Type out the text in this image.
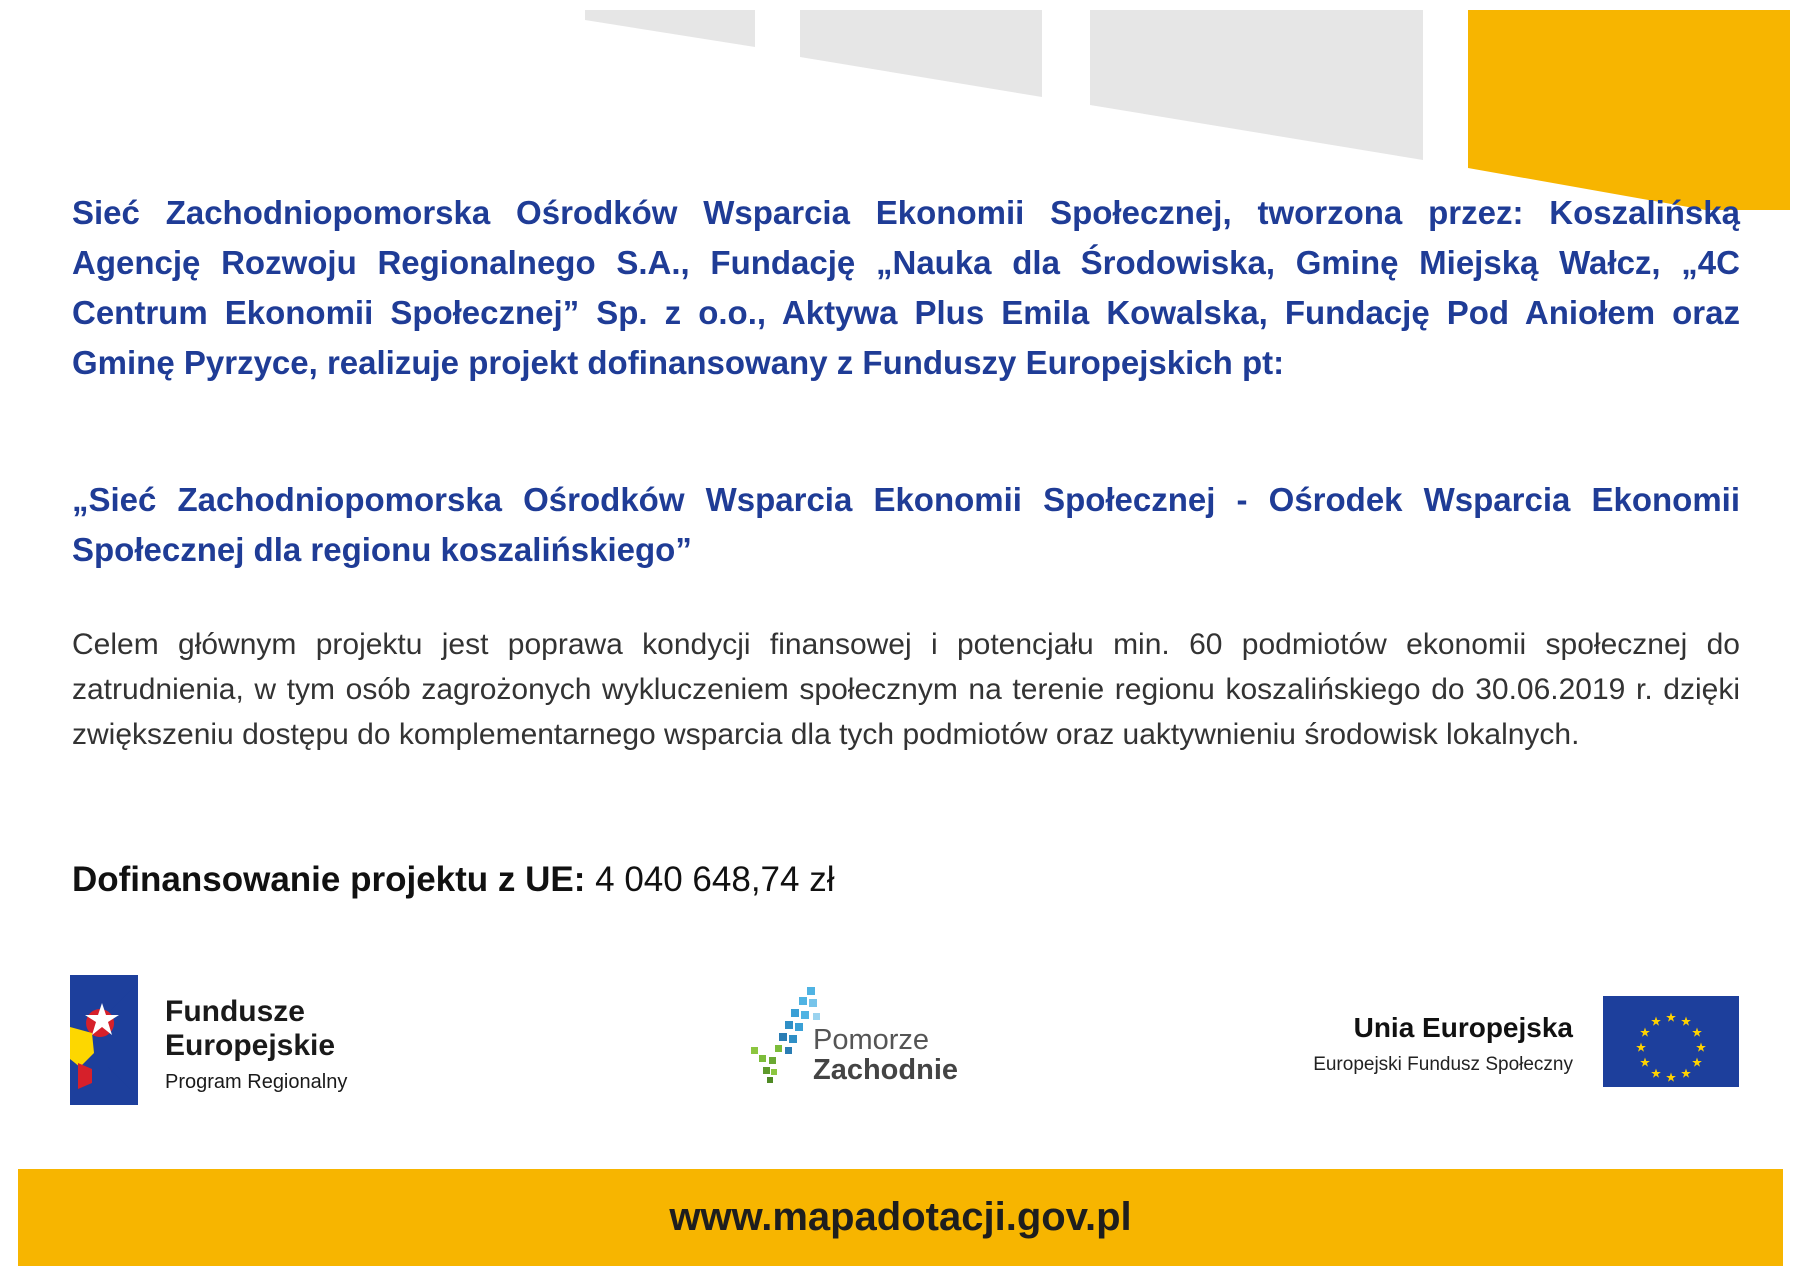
Sieć Zachodniopomorska Ośrodków Wsparcia Ekonomii Społecznej, tworzona przez: Koszalińską Agencję Rozwoju Regionalnego S.A., Fundację „Nauka dla Środowiska, Gminę Miejską Wałcz, „4C Centrum Ekonomii Społecznej” Sp. z o.o., Aktywa Plus Emila Kowalska, Fundację Pod Aniołem oraz Gminę Pyrzyce, realizuje projekt dofinansowany z Funduszy Europejskich pt:

„Sieć Zachodniopomorska Ośrodków Wsparcia Ekonomii Społecznej - Ośrodek Wsparcia Ekonomii Społecznej dla regionu koszalińskiego”

Celem głównym projektu jest poprawa kondycji finansowej i potencjału min. 60 podmiotów ekonomii społecznej do zatrudnienia, w tym osób zagrożonych wykluczeniem społecznym na terenie regionu koszalińskiego do 30.06.2019 r. dzięki zwiększeniu dostępu do komplementarnego wsparcia dla tych podmiotów oraz uaktywnieniu środowisk lokalnych.

Dofinansowanie projektu z UE: 4 040 648,74 zł

Fundusze
Europejskie
Program Regionalny
Pomorze
Zachodnie
Unia Europejska
Europejski Fundusz Społeczny
www.mapadotacji.gov.pl
